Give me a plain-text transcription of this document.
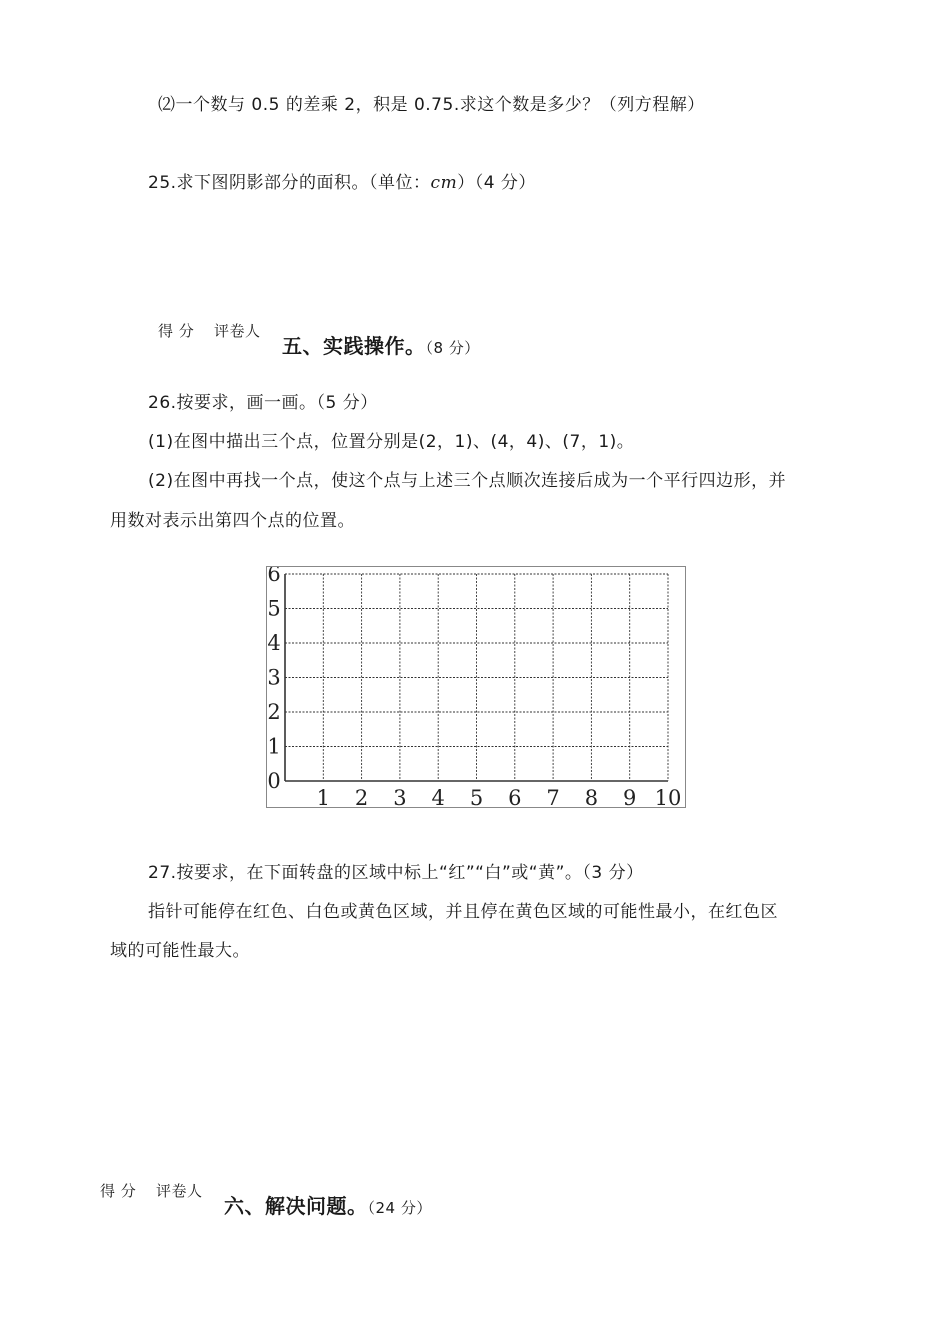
⑵一个数与 0.5 的差乘 2，积是 0.75.求这个数是多少？（列方程解）
25.求下图阴影部分的面积。（单位：cm）（4 分）
得 分 评卷人
五、实践操作。（8 分）
26.按要求，画一画。（5 分）
(1)在图中描出三个点，位置分别是(2，1)、(4，4)、(7，1)。
(2)在图中再找一个点，使这个点与上述三个点顺次连接后成为一个平行四边形，并
用数对表示出第四个点的位置。
1 2 3 4 5 6 7 8 9 10
0
1
2
3
4
5
6
27.按要求，在下面转盘的区域中标上“红”“白”或“黄”。（3 分）
指针可能停在红色、白色或黄色区域，并且停在黄色区域的可能性最小，在红色区
域的可能性最大。
得 分 评卷人
六、解决问题。（24 分）
